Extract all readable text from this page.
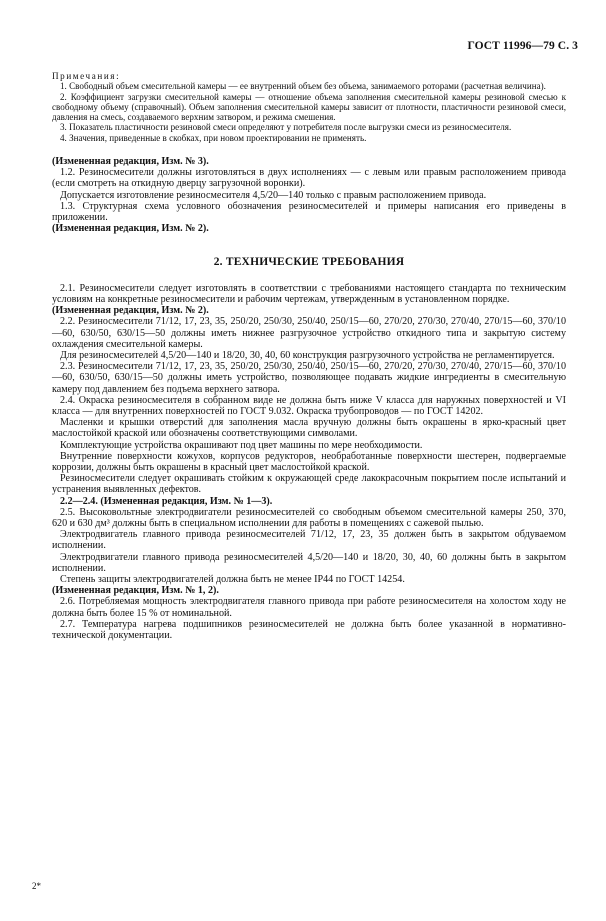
ГОСТ 11996—79 С. 3

Примечания:

1. Свободный объем смесительной камеры — ее внутренний объем без объема, занимаемого роторами (расчетная величина).

2. Коэффициент загрузки смесительной камеры — отношение объема заполнения смесительной камеры резиновой смесью к свободному объему (справочный). Объем заполнения смесительной камеры зависит от плотности, пластичности резиновой смеси, давления на смесь, создаваемого верхним затвором, и режима смешения.

3. Показатель пластичности резиновой смеси определяют у потребителя после выгрузки смеси из резиносмесителя.

4. Значения, приведенные в скобках, при новом проектировании не применять.

(Измененная редакция, Изм. № 3).

1.2. Резиносмесители должны изготовляться в двух исполнениях — с левым или правым расположением привода (если смотреть на откидную дверцу загрузочной воронки).

Допускается изготовление резиносмесителя 4,5/20—140 только с правым расположением привода.

1.3. Структурная схема условного обозначения резиносмесителей и примеры написания его приведены в приложении.

(Измененная редакция, Изм. № 2).

2. ТЕХНИЧЕСКИЕ ТРЕБОВАНИЯ

2.1. Резиносмесители следует изготовлять в соответствии с требованиями настоящего стандарта по техническим условиям на конкретные резиносмесители и рабочим чертежам, утвержденным в установленном порядке.

(Измененная редакция, Изм. № 2).

2.2. Резиносмесители 71/12, 17, 23, 35, 250/20, 250/30, 250/40, 250/15—60, 270/20, 270/30, 270/40, 270/15—60, 370/10—60, 630/50, 630/15—50 должны иметь нижнее разгрузочное устройство откидного типа и закрытую систему охлаждения смесительной камеры.

Для резиносмесителей 4,5/20—140 и 18/20, 30, 40, 60 конструкция разгрузочного устройства не регламентируется.

2.3. Резиносмесители 71/12, 17, 23, 35, 250/20, 250/30, 250/40, 250/15—60, 270/20, 270/30, 270/40, 270/15—60, 370/10—60, 630/50, 630/15—50 должны иметь устройство, позволяющее подавать жидкие ингредиенты в смесительную камеру под давлением без подъема верхнего затвора.

2.4. Окраска резиносмесителя в собранном виде не должна быть ниже V класса для наружных поверхностей и VI класса — для внутренних поверхностей по ГОСТ 9.032. Окраска трубопроводов — по ГОСТ 14202.

Масленки и крышки отверстий для заполнения масла вручную должны быть окрашены в ярко-красный цвет маслостойкой краской или обозначены соответствующими символами.

Комплектующие устройства окрашивают под цвет машины по мере необходимости.

Внутренние поверхности кожухов, корпусов редукторов, необработанные поверхности шестерен, подвергаемые коррозии, должны быть окрашены в красный цвет маслостойкой краской.

Резиносмесители следует окрашивать стойким к окружающей среде лакокрасочным покрытием после испытаний и устранения выявленных дефектов.

2.2—2.4. (Измененная редакция, Изм. № 1—3).

2.5. Высоковольтные электродвигатели резиносмесителей со свободным объемом смесительной камеры 250, 370, 620 и 630 дм³ должны быть в специальном исполнении для работы в помещениях с сажевой пылью.

Электродвигатель главного привода резиносмесителей 71/12, 17, 23, 35 должен быть в закрытом обдуваемом исполнении.

Электродвигатели главного привода резиносмесителей 4,5/20—140 и 18/20, 30, 40, 60 должны быть в закрытом исполнении.

Степень защиты электродвигателей должна быть не менее IP44 по ГОСТ 14254.

(Измененная редакция, Изм. № 1, 2).

2.6. Потребляемая мощность электродвигателя главного привода при работе резиносмесителя на холостом ходу не должна быть более 15 % от номинальной.

2.7. Температура нагрева подшипников резиносмесителей не должна быть более указанной в нормативно-технической документации.

2*
